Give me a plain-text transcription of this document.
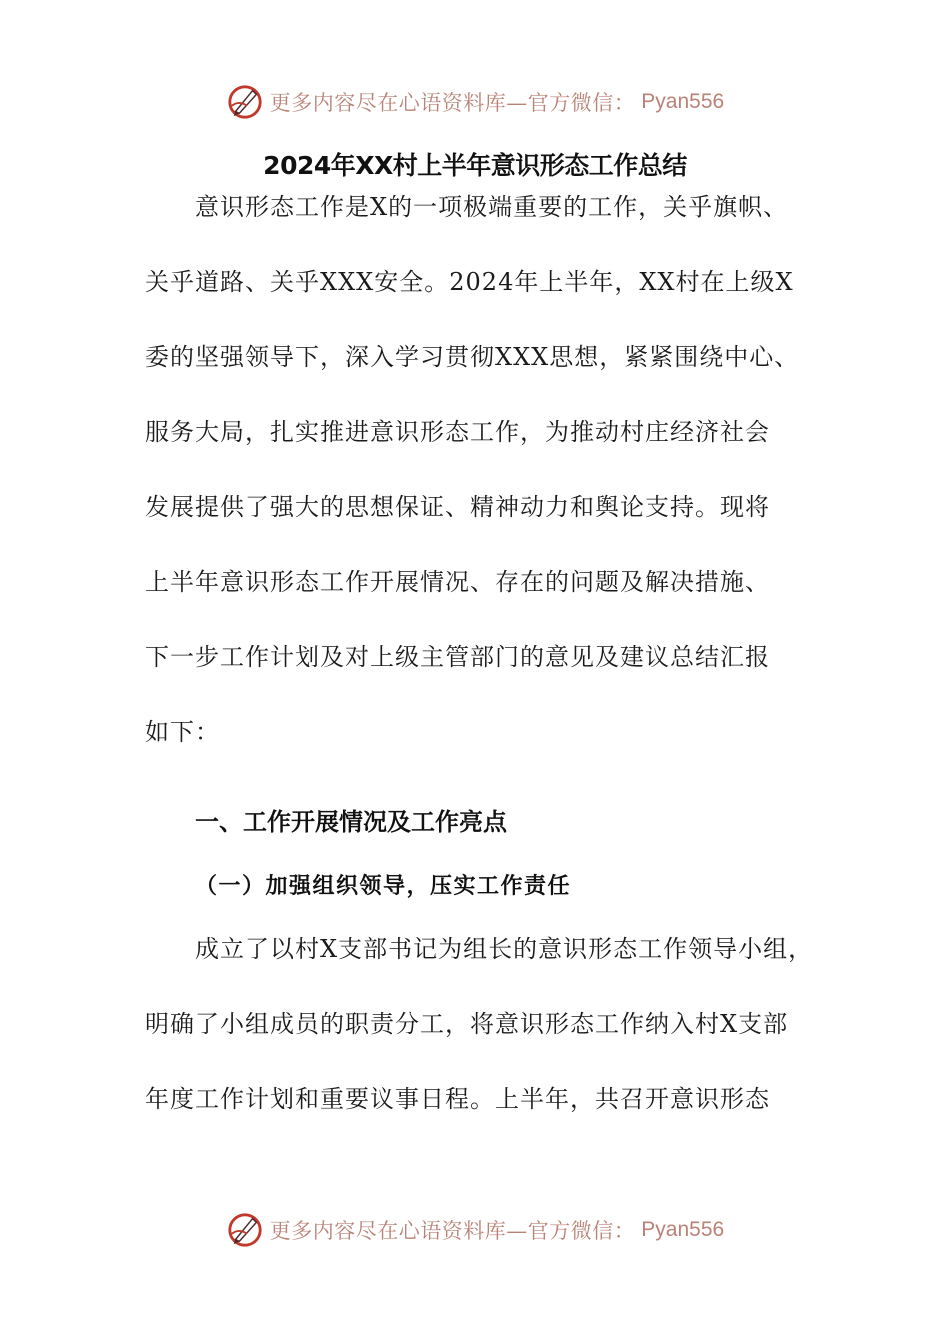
更多内容尽在心语资料库—官方微信： Pyan556
2024年XX村上半年意识形态工作总结

意识形态工作是X的一项极端重要的工作，关乎旗帜、
关乎道路、关乎XXX安全。2024年上半年，XX村在上级X
委的坚强领导下，深入学习贯彻XXX思想，紧紧围绕中心、
服务大局，扎实推进意识形态工作，为推动村庄经济社会
发展提供了强大的思想保证、精神动力和舆论支持。现将
上半年意识形态工作开展情况、存在的问题及解决措施、
下一步工作计划及对上级主管部门的意见及建议总结汇报
如下：

一、工作开展情况及工作亮点
（一）加强组织领导，压实工作责任

成立了以村X支部书记为组长的意识形态工作领导小组，
明确了小组成员的职责分工，将意识形态工作纳入村X支部
年度工作计划和重要议事日程。上半年，共召开意识形态

更多内容尽在心语资料库—官方微信： Pyan556
